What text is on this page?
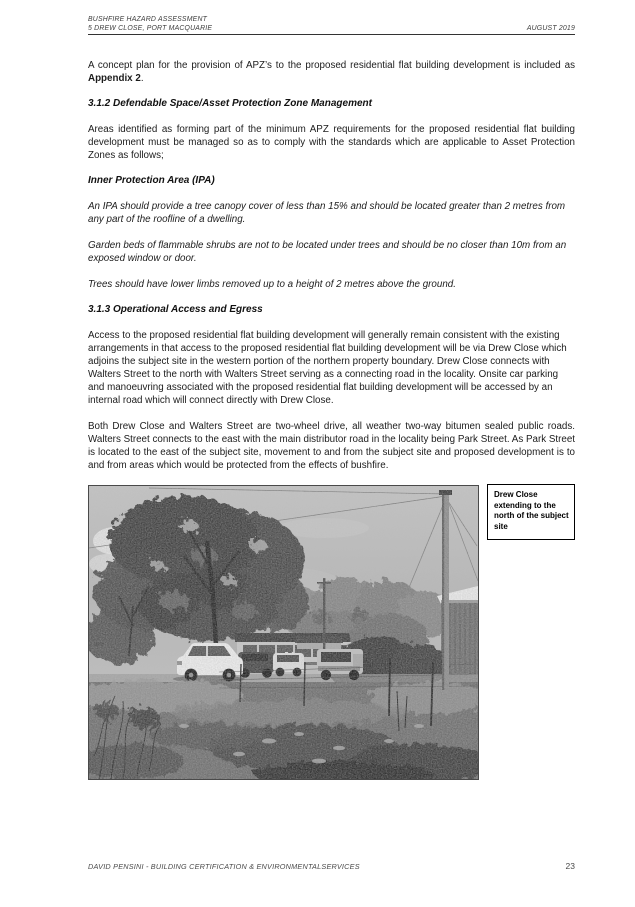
BUSHFIRE HAZARD ASSESSMENT
5 DREW CLOSE, PORT MACQUARIE	AUGUST 2019

A concept plan for the provision of APZ’s to the proposed residential flat building development is included as Appendix 2.

3.1.2 Defendable Space/Asset Protection Zone Management

Areas identified as forming part of the minimum APZ requirements for the proposed residential flat building development must be managed so as to comply with the standards which are applicable to Asset Protection Zones as follows;

Inner Protection Area (IPA)

An IPA should provide a tree canopy cover of less than 15% and should be located greater than 2 metres from any part of the roofline of a dwelling.

Garden beds of flammable shrubs are not to be located under trees and should be no closer than 10m from an exposed window or door.

Trees should have lower limbs removed up to a height of 2 metres above the ground.

3.1.3 Operational Access and Egress

Access to the proposed residential flat building development will generally remain consistent with the existing arrangements in that access to the proposed residential flat building development will be via Drew Close which adjoins the subject site in the western portion of the northern property boundary. Drew Close connects with Walters Street to the north with Walters Street serving as a connecting road in the locality. Onsite car parking and manoeuvring associated with the proposed residential flat building development will be accessed by an internal road which will connect directly with Drew Close.

Both Drew Close and Walters Street are two-wheel drive, all weather two-way bitumen sealed public roads. Walters Street connects to the east with the main distributor road in the locality being Park Street. As Park Street is located to the east of the subject site, movement to and from the subject site and proposed development is to and from areas which would be protected from the effects of bushfire.

Drew Close extending to the north of the subject site
DAVID PENSINI - BUILDING CERTIFICATION & ENVIRONMENTALSERVICES	23
